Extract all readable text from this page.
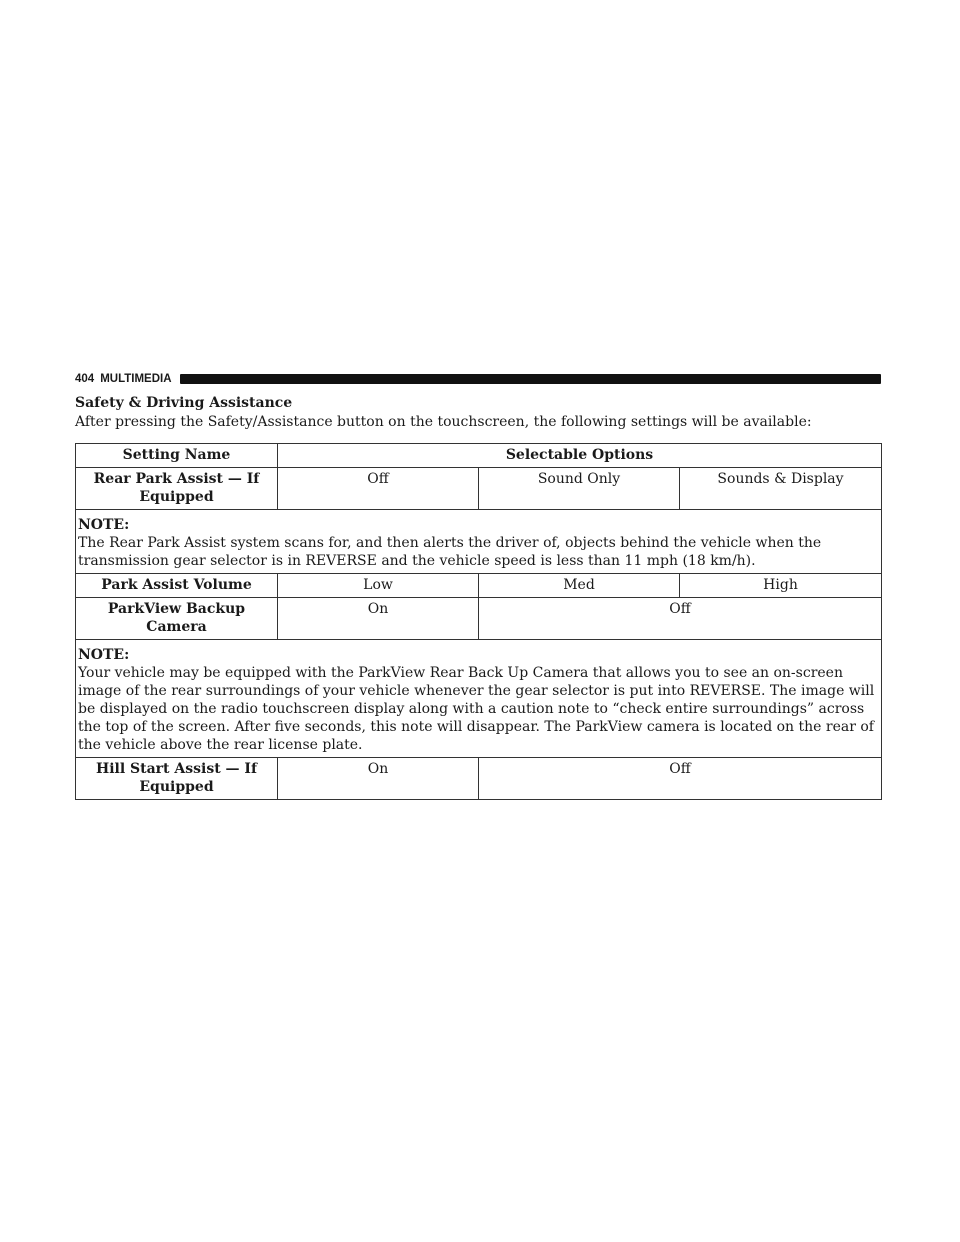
404 MULTIMEDIA
Safety & Driving Assistance
After pressing the Safety/Assistance button on the touchscreen, the following settings will be available:
Setting Name	Selectable Options		
Rear Park Assist — If Equipped	Off	Sound Only	Sounds & Display

NOTE:
The Rear Park Assist system scans for, and then alerts the driver of, objects behind the vehicle when the transmission gear selector is in REVERSE and the vehicle speed is less than 11 mph (18 km/h).			

Park Assist Volume	Low	Med	High
ParkView Backup Camera	On	Off	

NOTE:
Your vehicle may be equipped with the ParkView Rear Back Up Camera that allows you to see an on-screen image of the rear surroundings of your vehicle whenever the gear selector is put into REVERSE. The image will be displayed on the radio touchscreen display along with a caution note to “check entire surroundings” across the top of the screen. After five seconds, this note will disappear. The ParkView camera is located on the rear of the vehicle above the rear license plate.			

Hill Start Assist — If Equipped	On	Off	
